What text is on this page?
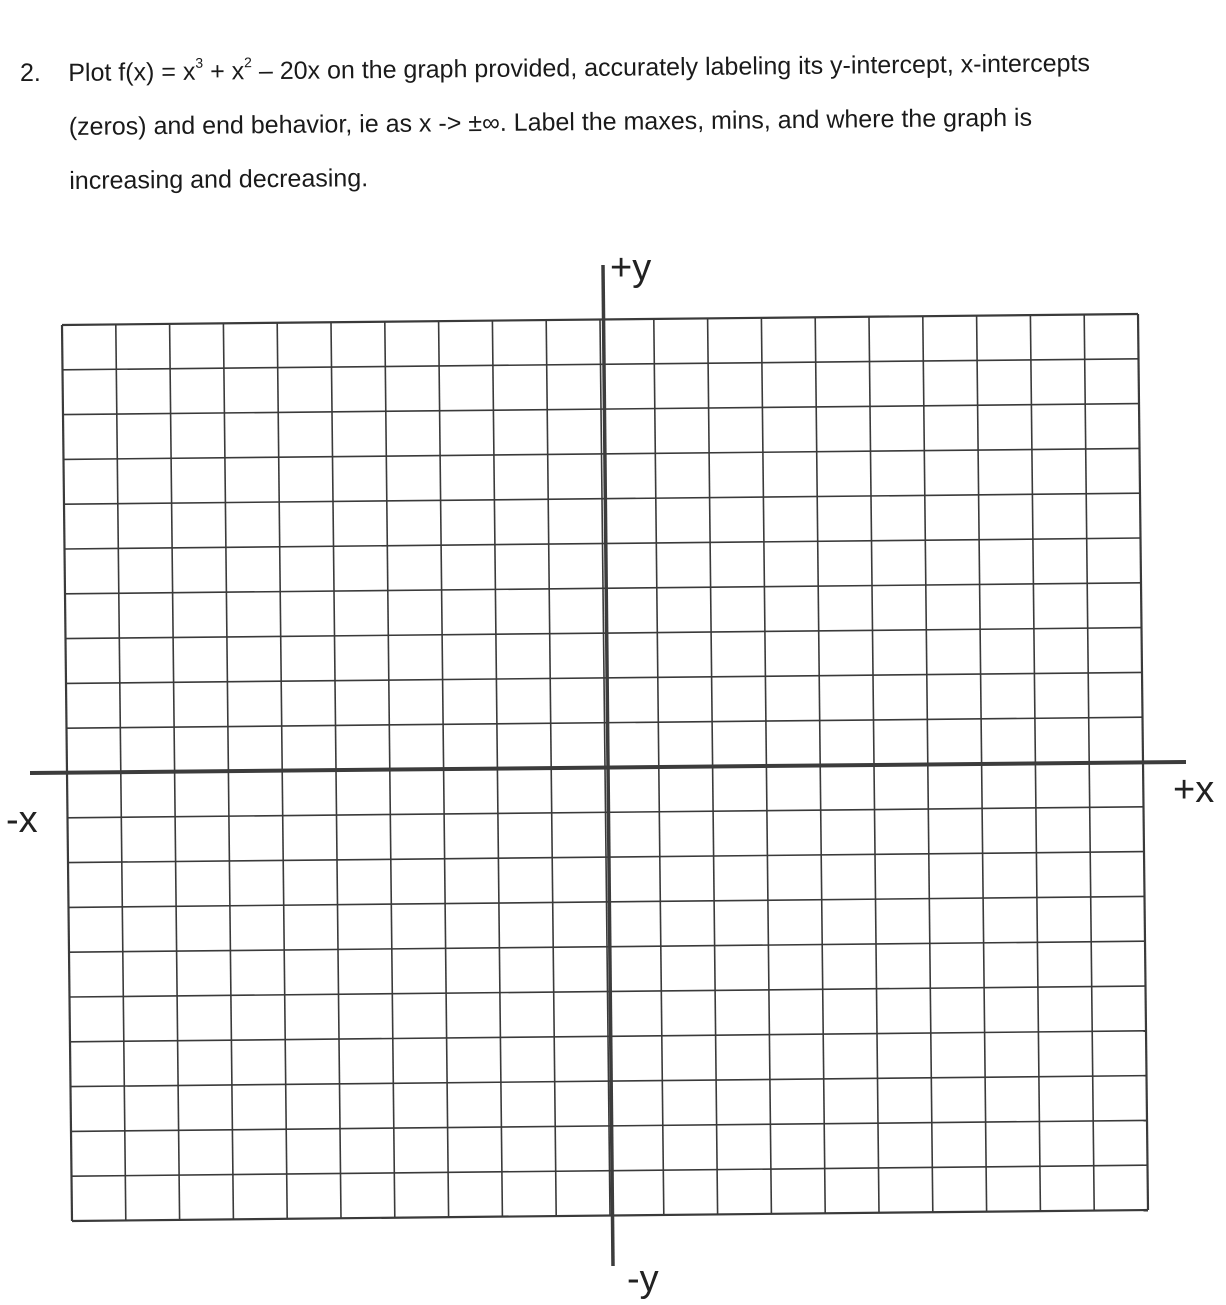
2. Plot $f(x) = x^3 + x^2 - 20x$ on the graph provided, accurately labeling its y-intercept, x-intercepts

(zeros) and end behavior, ie as x -> ±∞. Label the maxes, mins, and where the graph is

increasing and decreasing.

+y
-y
+x
-x
